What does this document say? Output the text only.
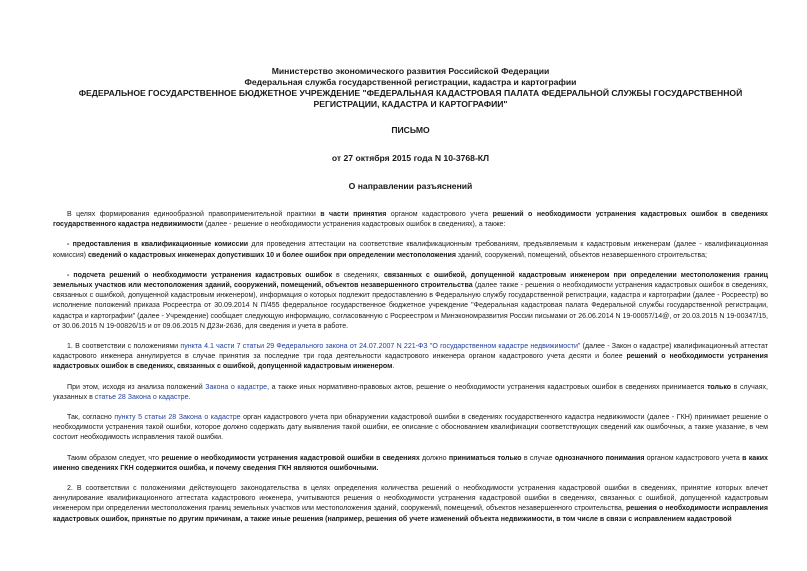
Министерство экономического развития Российской Федерации
Федеральная служба государственной регистрации, кадастра и картографии
ФЕДЕРАЛЬНОЕ ГОСУДАРСТВЕННОЕ БЮДЖЕТНОЕ УЧРЕЖДЕНИЕ "ФЕДЕРАЛЬНАЯ КАДАСТРОВАЯ ПАЛАТА ФЕДЕРАЛЬНОЙ СЛУЖБЫ ГОСУДАРСТВЕННОЙ
РЕГИСТРАЦИИ, КАДАСТРА И КАРТОГРАФИИ"
ПИСЬМО
от 27 октября 2015 года N 10-3768-КЛ
О направлении разъяснений

В целях формирования единообразной правоприменительной практики в части принятия органом кадастрового учета решений о необходимости устранения кадастровых ошибок в сведениях государственного кадастра недвижимости (далее - решение о необходимости устранения кадастровых ошибок в сведениях), а также:

- предоставления в квалификационные комиссии для проведения аттестации на соответствие квалификационным требованиям, предъявляемым к кадастровым инженерам (далее - квалификационная комиссия) сведений о кадастровых инженерах допустивших 10 и более ошибок при определении местоположения зданий, сооружений, помещений, объектов незавершенного строительства;

- подсчета решений о необходимости устранения кадастровых ошибок в сведениях, связанных с ошибкой, допущенной кадастровым инженером при определении местоположения границ земельных участков или местоположения зданий, сооружений, помещений, объектов незавершенного строительства (далее также - решения о необходимости устранения кадастровых ошибок в сведениях, связанных с ошибкой, допущенной кадастровым инженером), информация о которых подлежит предоставлению в Федеральную службу государственной регистрации, кадастра и картографии (далее - Росреестр) во исполнение положений приказа Росреестра от 30.09.2014 N П/455 федеральное государственное бюджетное учреждение "Федеральная кадастровая палата Федеральной службы государственной регистрации, кадастра и картографии" (далее - Учреждение) сообщает следующую информацию, согласованную с Росреестром и Минэкономразвития России письмами от 26.06.2014 N 19-00057/14@, от 20.03.2015 N 19-00347/15, от 30.06.2015 N 19-00826/15 и от 09.06.2015 N Д23и-2636, для сведения и учета в работе.

1. В соответствии с положениями пункта 4.1 части 7 статьи 29 Федерального закона от 24.07.2007 N 221-ФЗ "О государственном кадастре недвижимости" (далее - Закон о кадастре) квалификационный аттестат кадастрового инженера аннулируется в случае принятия за последние три года деятельности кадастрового инженера органом кадастрового учета десяти и более решений о необходимости устранения кадастровых ошибок в сведениях, связанных с ошибкой, допущенной кадастровым инженером.

При этом, исходя из анализа положений Закона о кадастре, а также иных нормативно-правовых актов, решение о необходимости устранения кадастровых ошибок в сведениях принимается только в случаях, указанных в статье 28 Закона о кадастре.

Так, согласно пункту 5 статьи 28 Закона о кадастре орган кадастрового учета при обнаружении кадастровой ошибки в сведениях государственного кадастра недвижимости (далее - ГКН) принимает решение о необходимости устранения такой ошибки, которое должно содержать дату выявления такой ошибки, ее описание с обоснованием квалификации соответствующих сведений как ошибочных, а также указание, в чем состоит необходимость исправления такой ошибки.

Таким образом следует, что решение о необходимости устранения кадастровой ошибки в сведениях должно приниматься только в случае однозначного понимания органом кадастрового учета в каких именно сведениях ГКН содержится ошибка, и почему сведения ГКН являются ошибочными.

2. В соответствии с положениями действующего законодательства в целях определения количества решений о необходимости устранения кадастровой ошибки в сведениях, принятие которых влечет аннулирование квалификационного аттестата кадастрового инженера, учитываются решения о необходимости устранения кадастровой ошибки в сведениях, связанных с ошибкой, допущенной кадастровым инженером при определении местоположения границ земельных участков или местоположения зданий, сооружений, помещений, объектов незавершенного строительства, решения о необходимости исправления кадастровых ошибок, принятые по другим причинам, а также иные решения (например, решения об учете изменений объекта недвижимости, в том числе в связи с исправлением кадастровой
